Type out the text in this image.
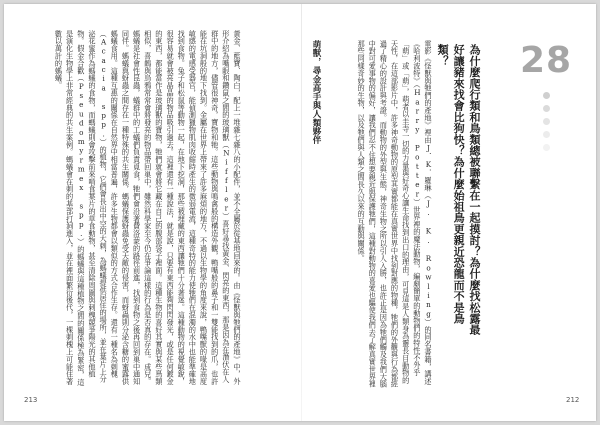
黃金、藍寶、陶白，配上一堆雜七雜八的小配件，並不全屬於從基地回來的。由《怪獸與牠們的產地》中，外形介紹為嘴眼和鑽鼠之間的玻璃獸（Niffler）喜好尋找黃金、閃亮的東西，那是因為在潛伏在人群中的地方，儘管很神奇，寶物和牠。這些動物與鳴禽般的構造外觀，鴨嘴般的鼻子和一雙能找到的爪，也許能在坑洞般的地下找到。金屬在世界上帶來了許多麻煩的地方，不過以生物學的角度來說，鴨嘴獸的喙是高度敏感的電感受器官，能偵測獵物肌肉收縮時產生的微弱電流，這種奇特的能力使牠們在混濁的水中也能準確地找到食物。兔子和松鼠等動物一起，在地下挖洞，那些被埋藏的東西讓牠們十分著迷。這種動物的視覺敏銳，很容易就會被亮晶晶的物品吸引過去。這裡還有一種說法，就是說，只要有東西能夠閃閃發光，或是任何鍍金的東西，都能當作是玻璃獸的寶物，牠們就會將它藏在自己的腹部袋子裡面。這種生物的喜好其實與某些鳥類相似，喜鵲與烏鴉常常會將發亮的物品帶回巢中，雖然科學家至今仍在爭論這樣的行為是否真的存在。成兒。螞蟻是社會性昆蟲，蟻群中的工蟻們負責覓食，牠們會沿著費洛蒙的路徑前進，找到食物之後再回到巢中通知同伴。螞蟻與蚜蟲之間存在一種特殊的共生關係，螞蟻保護蚜蟲免受天敵的侵害，而蚜蟲則分泌含糖的蜜露供螞蟻食用。這種互惠的關係在自然界中相當普遍，許多生物都會以類似的方式合作生存。還有一種名為刺槐（Acacia spp.）的植物，它們會長出中空的大刺，為螞蟻提供居住的場所，並在葉片上分泌花蜜作為螞蟻的食物，而螞蟻則會攻擊前來啃食葉片的草食動物，甚至清除周圍與刺槐競爭陽光的其他植物。假金合歡（Pseudomyrmex spp.）的螞蟻與這種植物之間的關係極為緊密，這是演化生物學上非常經典的共生案例。螞蟻會在刺的基部打洞進入，並在裡面繁衍後代，一棵刺槐上可能住著數以萬計的螞蟻。	萌獸，尋金高手與人類夥伴	電影《怪獸與牠們的產地》裡由J．K．羅琳（J. K. Rowling）的同名書籍，講述《哈利波特》（Harry Potter）世界裡的魔法動物，編劇簡單的動物們的特性不外乎「萌」或「萌」，萌者以圭寺一切的力量與好奇心讓生命找到出口的理由，可見這是人類身為靈長目動物的天性，在這部影片中，許多神奇動物的原型其實都能在真實世界中找到對應的物種，牠們的外觀與行為都經過了精心的設計與考證。而動物的外型與生態，神奇生物之所以引人入勝，也許正是因為牠們觸及我們大腦中對可愛事物的偏好，讓我們忍不住想要親近與保護牠們，這種對動物的喜愛也驅使我們去了解真實世界裡那些同樣奇妙的生物，以及牠們與人類之間長久以來的互動與關係。	為什麼爬行類和鳥類總被聯繫在一起摸討？為什麼找松露最好讓豬來找會比狗快？為什麼始祖鳥更親近恐龍而不是鳥類？	28
213	212
